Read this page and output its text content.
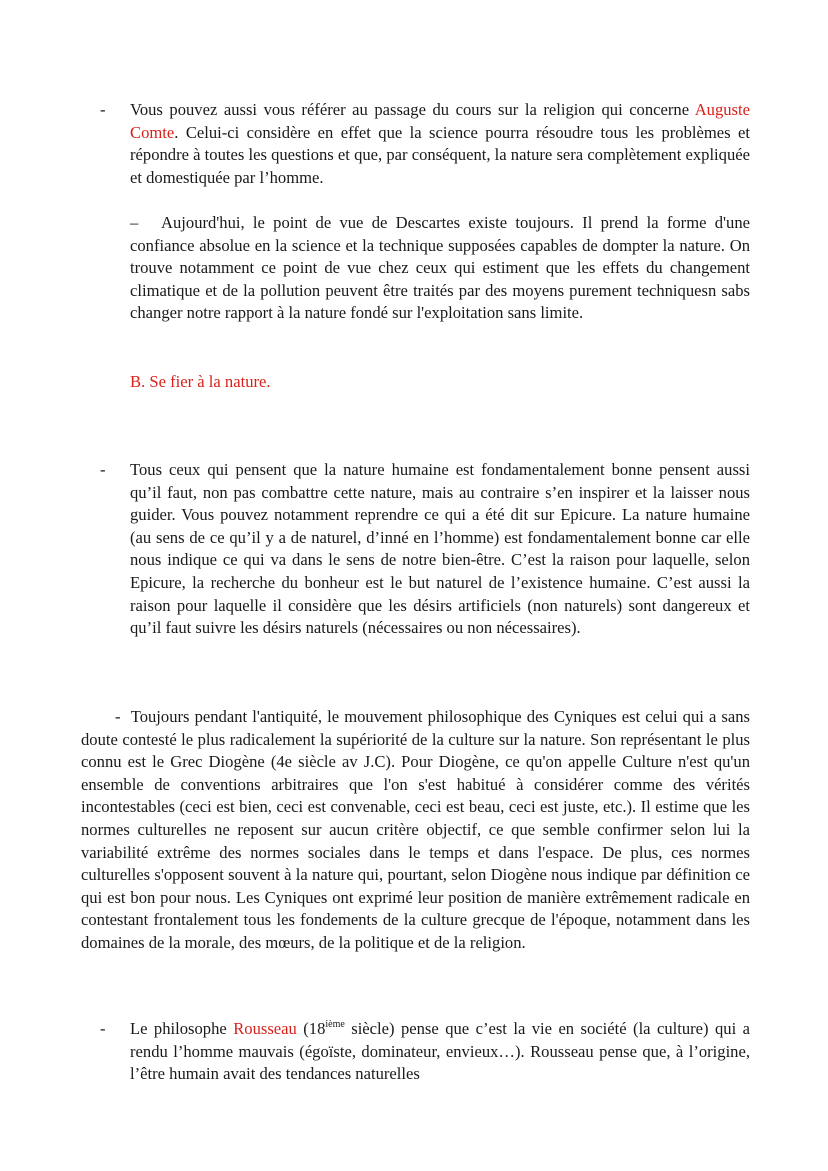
- Vous pouvez aussi vous référer au passage du cours sur la religion qui concerne Auguste Comte. Celui-ci considère en effet que la science pourra résoudre tous les problèmes et répondre à toutes les questions et que, par conséquent, la nature sera complètement expliquée et domestiquée par l’homme.

– Aujourd'hui, le point de vue de Descartes existe toujours. Il prend la forme d'une confiance absolue en la science et la technique supposées capables de dompter la nature. On trouve notamment ce point de vue chez ceux qui estiment que les effets du changement climatique et de la pollution peuvent être traités par des moyens purement techniquesn sabs changer notre rapport à la nature fondé sur l'exploitation sans limite.

B. Se fier à la nature.

- Tous ceux qui pensent que la nature humaine est fondamentalement bonne pensent aussi qu’il faut, non pas combattre cette nature, mais au contraire s’en inspirer et la laisser nous guider. Vous pouvez notamment reprendre ce qui a été dit sur Epicure. La nature humaine (au sens de ce qu’il y a de naturel, d’inné en l’homme) est fondamentalement bonne car elle nous indique ce qui va dans le sens de notre bien-être. C’est la raison pour laquelle, selon Epicure, la recherche du bonheur est le but naturel de l’existence humaine. C’est aussi la raison pour laquelle il considère que les désirs artificiels (non naturels) sont dangereux et qu’il faut suivre les désirs naturels (nécessaires ou non nécessaires).

- Toujours pendant l'antiquité, le mouvement philosophique des Cyniques est celui qui a sans doute contesté le plus radicalement la supériorité de la culture sur la nature. Son représentant le plus connu est le Grec Diogène (4e siècle av J.C). Pour Diogène, ce qu'on appelle Culture n'est qu'un ensemble de conventions arbitraires que l'on s'est habitué à considérer comme des vérités incontestables (ceci est bien, ceci est convenable, ceci est beau, ceci est juste, etc.). Il estime que les normes culturelles ne reposent sur aucun critère objectif, ce que semble confirmer selon lui la variabilité extrême des normes sociales dans le temps et dans l'espace. De plus, ces normes culturelles s'opposent souvent à la nature qui, pourtant, selon Diogène nous indique par définition ce qui est bon pour nous. Les Cyniques ont exprimé leur position de manière extrêmement radicale en contestant frontalement tous les fondements de la culture grecque de l'époque, notamment dans les domaines de la morale, des mœurs, de la politique et de la religion.

- Le philosophe Rousseau (18ième siècle) pense que c’est la vie en société (la culture) qui a rendu l’homme mauvais (égoïste, dominateur, envieux…). Rousseau pense que, à l’origine, l’être humain avait des tendances naturelles
